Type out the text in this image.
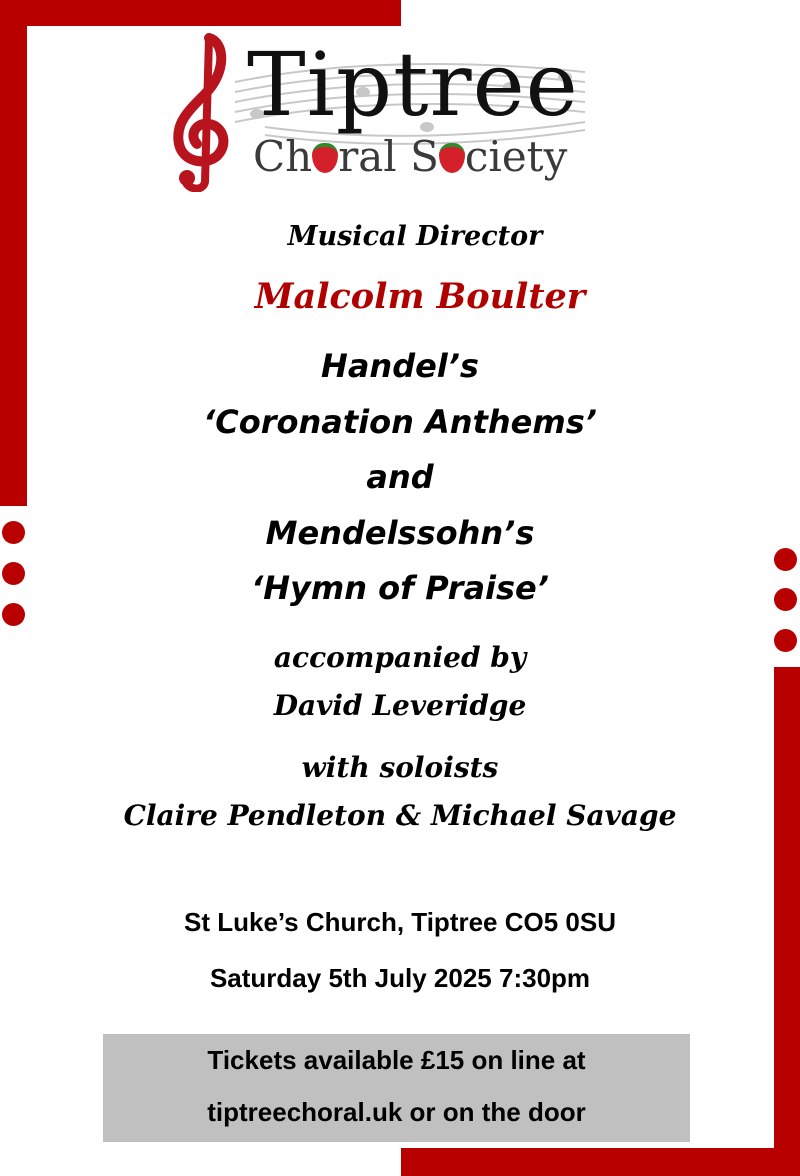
Tiptree
Ch ral S ciety
Musical Director
Malcolm Boulter
Handel’s
‘Coronation Anthems’
and
Mendelssohn’s
‘Hymn of Praise’
accompanied by
David Leveridge
with soloists
Claire Pendleton & Michael Savage
St Luke’s Church, Tiptree CO5 0SU
Saturday 5th July 2025 7:30pm
Tickets available £15 on line at
tiptreechoral.uk or on the door
